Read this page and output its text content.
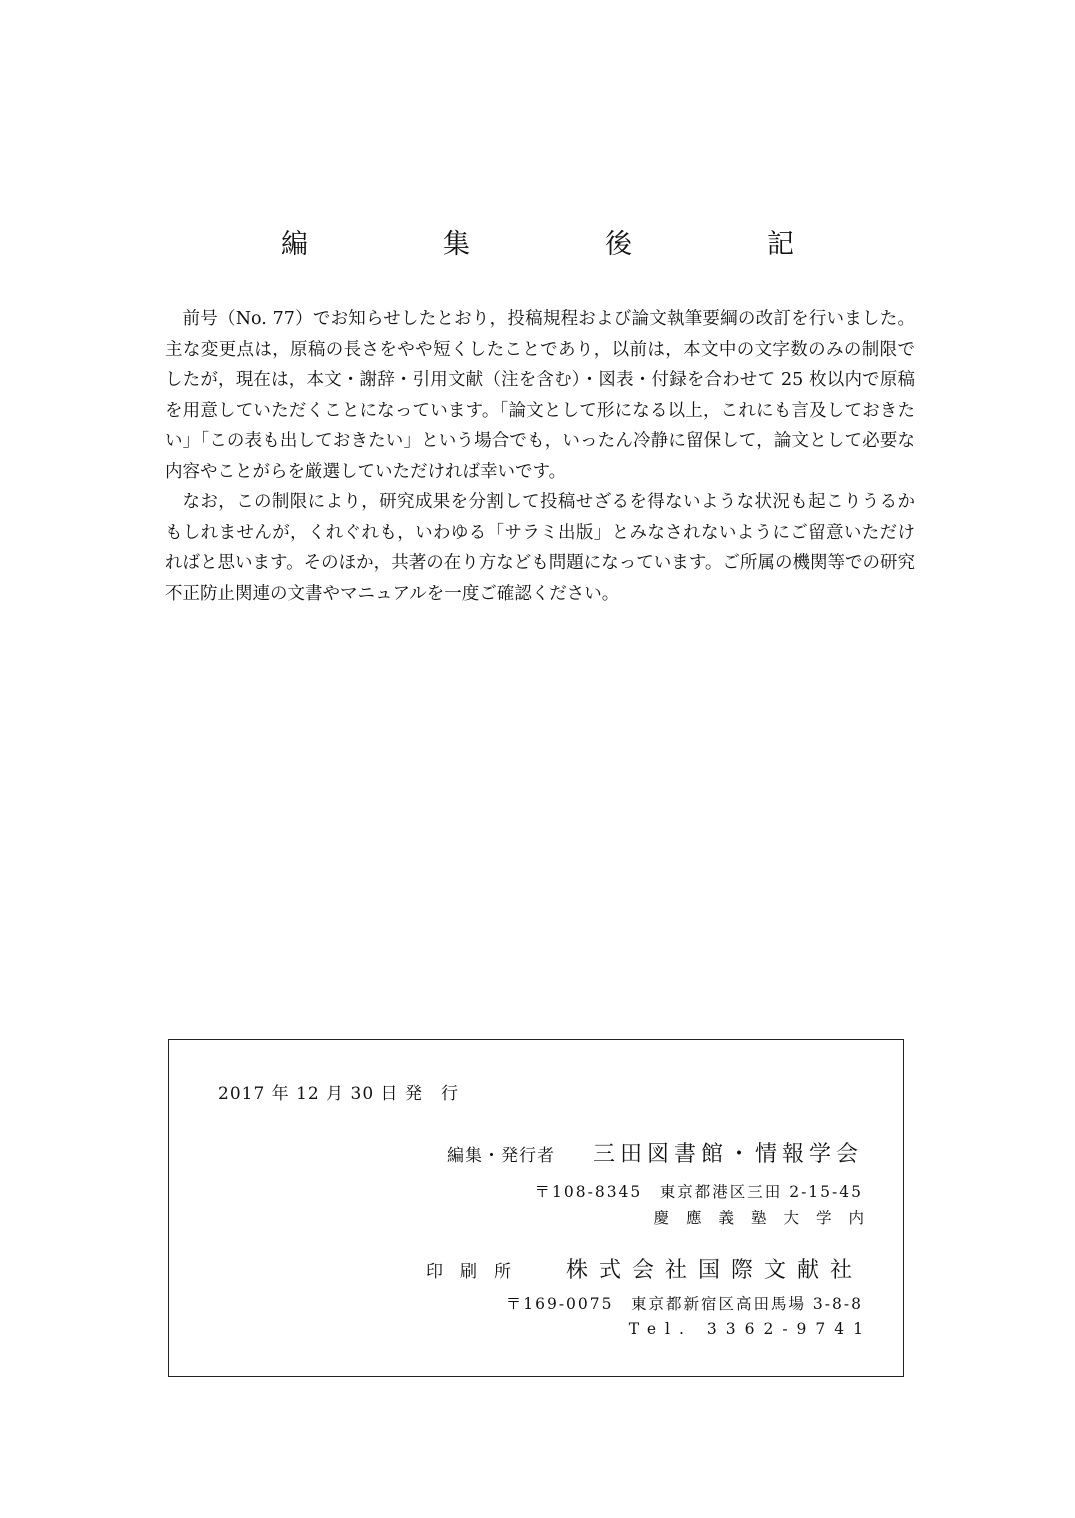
編　集　後　記

前号（No. 77）でお知らせしたとおり，投稿規程および論文執筆要綱の改訂を行いました。主な変更点は，原稿の長さをやや短くしたことであり，以前は，本文中の文字数のみの制限でしたが，現在は，本文・謝辞・引用文献（注を含む）・図表・付録を合わせて 25 枚以内で原稿を用意していただくことになっています。「論文として形になる以上，これにも言及しておきたい」「この表も出しておきたい」という場合でも，いったん冷静に留保して，論文として必要な内容やことがらを厳選していただければ幸いです。

なお，この制限により，研究成果を分割して投稿せざるを得ないような状況も起こりうるかもしれませんが，くれぐれも，いわゆる「サラミ出版」とみなされないようにご留意いただければと思います。そのほか，共著の在り方なども問題になっています。ご所属の機関等での研究不正防止関連の文書やマニュアルを一度ご確認ください。

2017 年 12 月 30 日 発　行
編集・発行者 三田図書館・情報学会
〒108-8345　東京都港区三田 2-15-45
慶應義塾大学内
印刷所 株式会社国際文献社
〒169-0075　東京都新宿区高田馬場 3-8-8
Tel. 3362-9741
